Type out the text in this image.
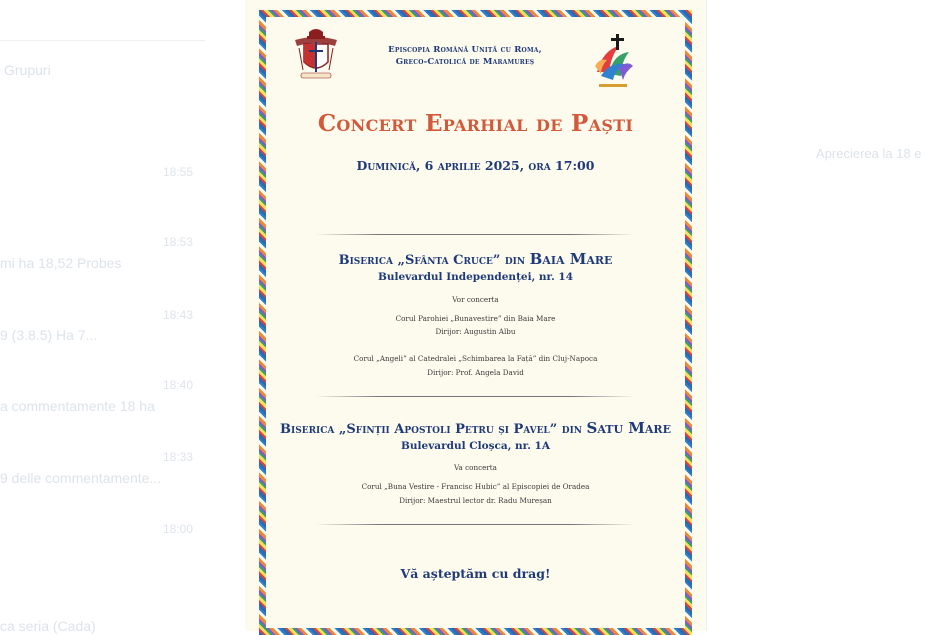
Grupuri
mi ha 18,52 Probes
9 (3.8.5) Ha 7...
a commentamente 18 ha
9 delle commentamente...
ca seria (Cada)
18:55
18:53
18:43
18:40
18:33
18:00
Aprecierea la 18 e
Episcopia Română Unită cu Roma,
Greco-Catolică de Maramureș
Concert Eparhial de Paști
Duminică, 6 aprilie 2025, ora 17:00
Biserica „Sfânta Cruce” din Baia Mare
Bulevardul Independenței, nr. 14
Vor concerta
Corul Parohiei „Bunavestire” din Baia Mare
Dirijor: Augustin Albu
Corul „Angeli” al Catedralei „Schimbarea la Față” din Cluj-Napoca
Dirijor: Prof. Angela David
Biserica „Sfinții Apostoli Petru și Pavel” din Satu Mare
Bulevardul Cloșca, nr. 1A
Va concerta
Corul „Buna Vestire - Francisc Hubic” al Episcopiei de Oradea
Dirijor: Maestrul lector dr. Radu Mureșan
Vă așteptăm cu drag!
